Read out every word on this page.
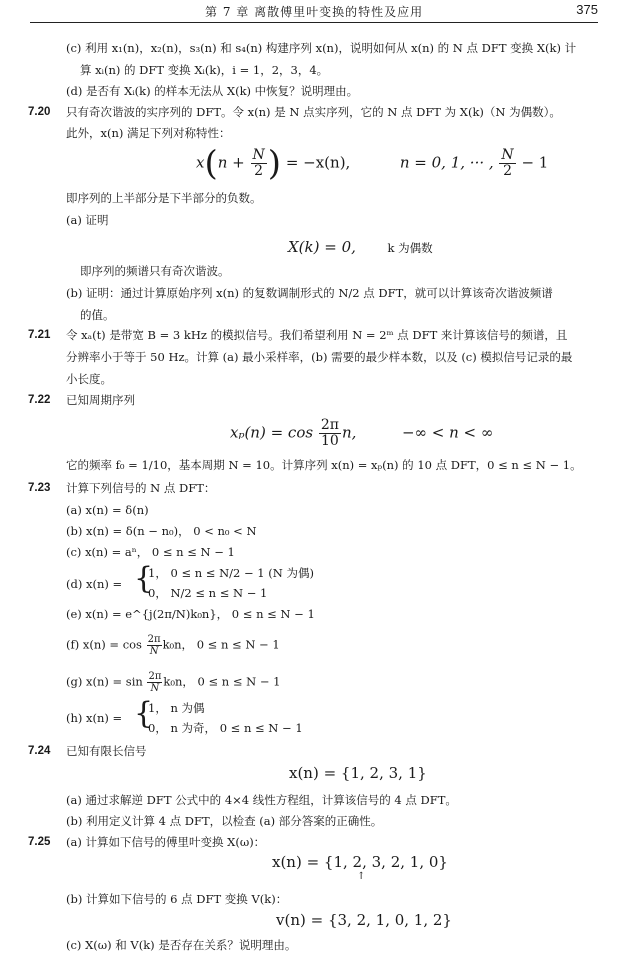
第 7 章 离散傅里叶变换的特性及应用	375
(c) 利用 x₁(n)，x₂(n)，s₃(n) 和 s₄(n) 构建序列 x(n)，说明如何从 x(n) 的 N 点 DFT 变换 X(k) 计
算 xᵢ(n) 的 DFT 变换 Xᵢ(k)，i = 1，2，3，4。
(d) 是否有 Xᵢ(k) 的样本无法从 X(k) 中恢复？说明理由。
7.20 只有奇次谐波的实序列的 DFT。令 x(n) 是 N 点实序列，它的 N 点 DFT 为 X(k)（N 为偶数）。
此外，x(n) 满足下列对称特性：
$x(n + \frac{N}{2}$ ) = −x(n),	n = 0, 1, ··· , $\frac{N}{2} - 1$
即序列的上半部分是下半部分的负数。
(a) 证明
X(k) = 0,	k 为偶数
即序列的频谱只有奇次谐波。
(b) 证明：通过计算原始序列 x(n) 的复数调制形式的 N/2 点 DFT，就可以计算该奇次谐波频谱
的值。
7.21 令 xₐ(t) 是带宽 B = 3 kHz 的模拟信号。我们希望利用 N = 2ᵐ 点 DFT 来计算该信号的频谱，且
分辨率小于等于 50 Hz。计算 (a) 最小采样率，(b) 需要的最少样本数，以及 (c) 模拟信号记录的最
小长度。
7.22 已知周期序列
$x_p(n) = \cos \frac{2\pi}{10} n$,	−∞ < n < ∞
它的频率 f₀ = 1/10，基本周期 N = 10。计算序列 x(n) = xₚ(n) 的 10 点 DFT，0 ≤ n ≤ N − 1。
7.23 计算下列信号的 N 点 DFT：
(a) x(n) = δ(n)
(b) x(n) = δ(n − n₀)， 0 < n₀ < N
(c) x(n) = aⁿ， 0 ≤ n ≤ N − 1
(d) x(n) = {
1， 0 ≤ n ≤ N/2 − 1 (N 为偶)
0， N/2 ≤ n ≤ N − 1
(e) x(n) = e^{j(2π/N)k₀n}， 0 ≤ n ≤ N − 1
(f) $x(n) = \cos \frac{2\pi}{N} k_0n$， 0 ≤ n ≤ N − 1
(g) $x(n) = \sin \frac{2\pi}{N} k_0n$， 0 ≤ n ≤ N − 1
(h) x(n) = {
1， n 为偶
0， n 为奇， 0 ≤ n ≤ N − 1
7.24 已知有限长信号
x(n) = {1, 2, 3, 1}
(a) 通过求解逆 DFT 公式中的 4×4 线性方程组，计算该信号的 4 点 DFT。
(b) 利用定义计算 4 点 DFT，以检查 (a) 部分答案的正确性。
7.25 (a) 计算如下信号的傅里叶变换 X(ω)：
x(n) = {1, 2, 3, 2, 1, 0}
↑
(b) 计算如下信号的 6 点 DFT 变换 V(k)：
v(n) = {3, 2, 1, 0, 1, 2}
(c) X(ω) 和 V(k) 是否存在关系？说明理由。
